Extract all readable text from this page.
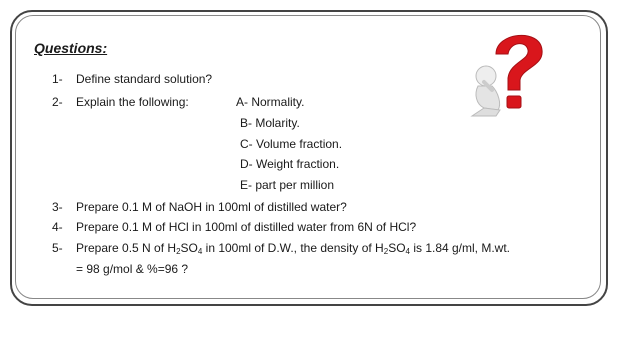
Questions:
1- Define standard solution?
2- Explain the following:	A- Normality.
B- Molarity.
C- Volume fraction.
D- Weight fraction.
E- part per million
3- Prepare 0.1 M of NaOH in 100ml of distilled water?
4- Prepare 0.1 M of HCl in 100ml of distilled water from 6N of HCl?
5- Prepare 0.5 N of $H_2SO_4$ in 100ml of D.W., the density of $H_2SO_4$ is 1.84 g/ml, M.wt.
= 98 g/mol & %=96 ?
